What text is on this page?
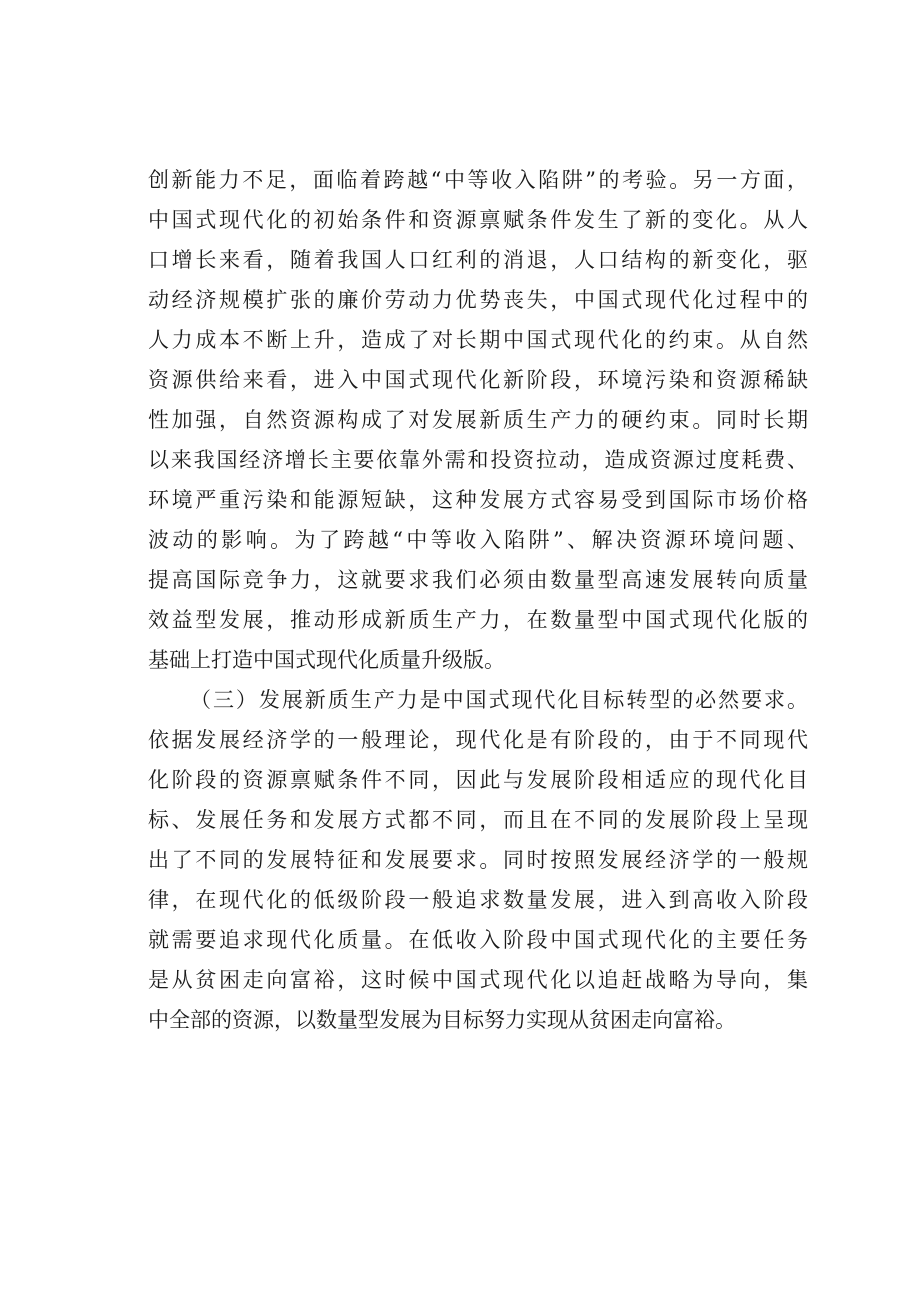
创新能力不足，面临着跨越“中等收入陷阱”的考验。另一方面，
中国式现代化的初始条件和资源禀赋条件发生了新的变化。从人
口增长来看，随着我国人口红利的消退，人口结构的新变化，驱
动经济规模扩张的廉价劳动力优势丧失，中国式现代化过程中的
人力成本不断上升，造成了对长期中国式现代化的约束。从自然
资源供给来看，进入中国式现代化新阶段，环境污染和资源稀缺
性加强，自然资源构成了对发展新质生产力的硬约束。同时长期
以来我国经济增长主要依靠外需和投资拉动，造成资源过度耗费、
环境严重污染和能源短缺，这种发展方式容易受到国际市场价格
波动的影响。为了跨越“中等收入陷阱”、解决资源环境问题、
提高国际竞争力，这就要求我们必须由数量型高速发展转向质量
效益型发展，推动形成新质生产力，在数量型中国式现代化版的
基础上打造中国式现代化质量升级版。
（三）发展新质生产力是中国式现代化目标转型的必然要求。
依据发展经济学的一般理论，现代化是有阶段的，由于不同现代
化阶段的资源禀赋条件不同，因此与发展阶段相适应的现代化目
标、发展任务和发展方式都不同，而且在不同的发展阶段上呈现
出了不同的发展特征和发展要求。同时按照发展经济学的一般规
律，在现代化的低级阶段一般追求数量发展，进入到高收入阶段
就需要追求现代化质量。在低收入阶段中国式现代化的主要任务
是从贫困走向富裕，这时候中国式现代化以追赶战略为导向，集
中全部的资源，以数量型发展为目标努力实现从贫困走向富裕。
